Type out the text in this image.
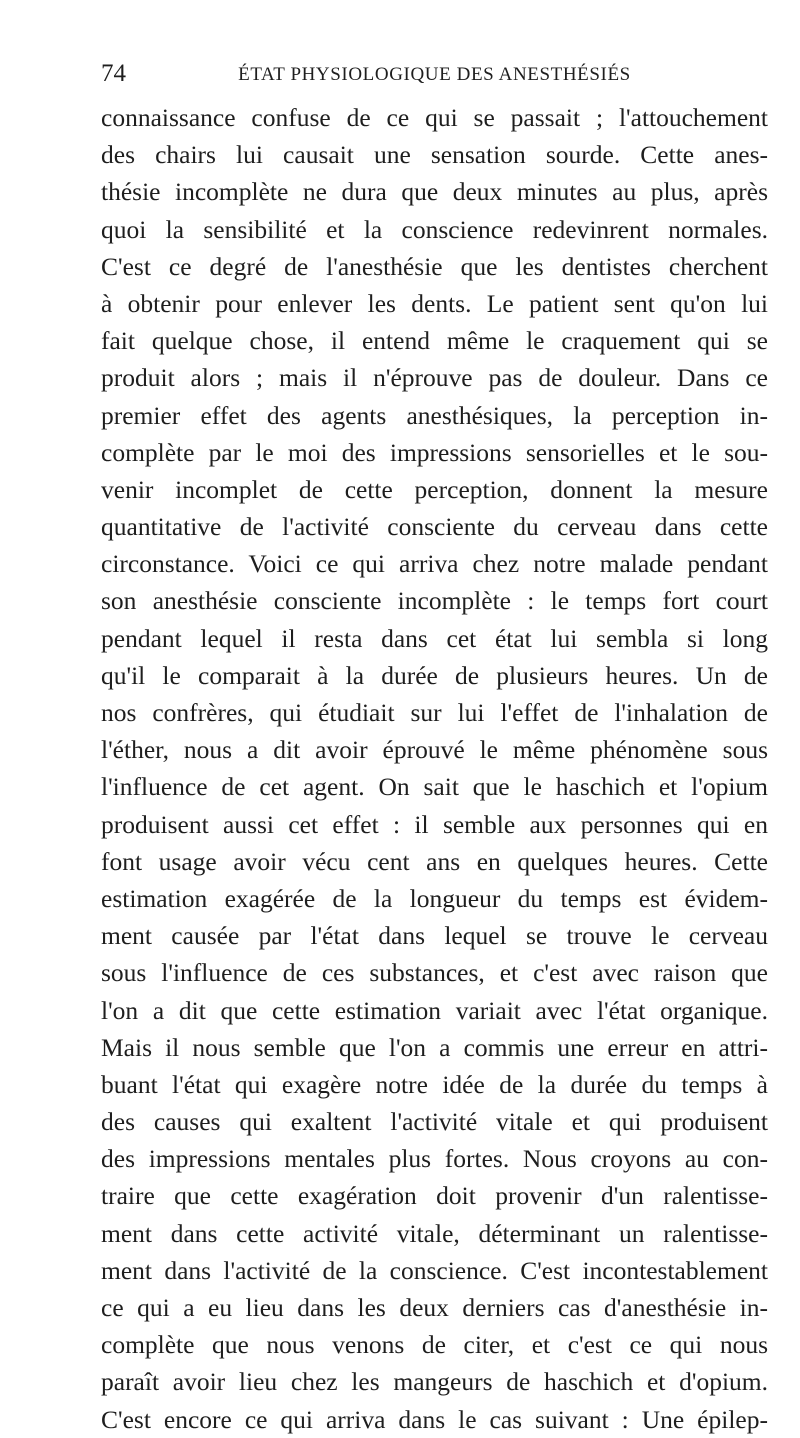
74	ÉTAT PHYSIOLOGIQUE DES ANESTHÉSIÉS
connaissance confuse de ce qui se passait ; l'attouchement
des chairs lui causait une sensation sourde. Cette anes-
thésie incomplète ne dura que deux minutes au plus, après
quoi la sensibilité et la conscience redevinrent normales.
C'est ce degré de l'anesthésie que les dentistes cherchent
à obtenir pour enlever les dents. Le patient sent qu'on lui
fait quelque chose, il entend même le craquement qui se
produit alors ; mais il n'éprouve pas de douleur. Dans ce
premier effet des agents anesthésiques, la perception in-
complète par le moi des impressions sensorielles et le sou-
venir incomplet de cette perception, donnent la mesure
quantitative de l'activité consciente du cerveau dans cette
circonstance. Voici ce qui arriva chez notre malade pendant
son anesthésie consciente incomplète : le temps fort court
pendant lequel il resta dans cet état lui sembla si long
qu'il le comparait à la durée de plusieurs heures. Un de
nos confrères, qui étudiait sur lui l'effet de l'inhalation de
l'éther, nous a dit avoir éprouvé le même phénomène sous
l'influence de cet agent. On sait que le haschich et l'opium
produisent aussi cet effet : il semble aux personnes qui en
font usage avoir vécu cent ans en quelques heures. Cette
estimation exagérée de la longueur du temps est évidem-
ment causée par l'état dans lequel se trouve le cerveau
sous l'influence de ces substances, et c'est avec raison que
l'on a dit que cette estimation variait avec l'état organique.
Mais il nous semble que l'on a commis une erreur en attri-
buant l'état qui exagère notre idée de la durée du temps à
des causes qui exaltent l'activité vitale et qui produisent
des impressions mentales plus fortes. Nous croyons au con-
traire que cette exagération doit provenir d'un ralentisse-
ment dans cette activité vitale, déterminant un ralentisse-
ment dans l'activité de la conscience. C'est incontestablement
ce qui a eu lieu dans les deux derniers cas d'anesthésie in-
complète que nous venons de citer, et c'est ce qui nous
paraît avoir lieu chez les mangeurs de haschich et d'opium.
C'est encore ce qui arriva dans le cas suivant : Une épilep-
